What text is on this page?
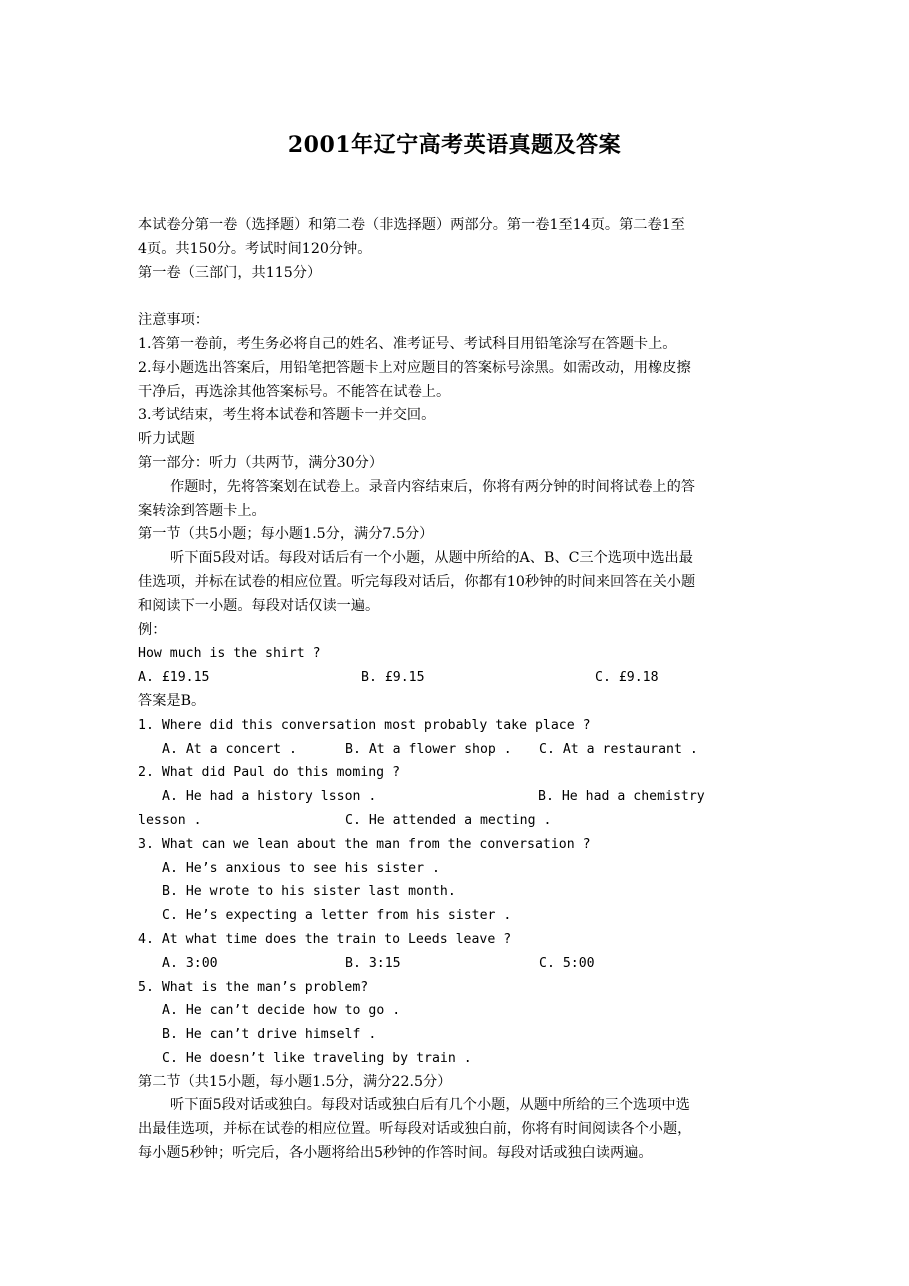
2001年辽宁高考英语真题及答案
本试卷分第一卷（选择题）和第二卷（非选择题）两部分。第一卷1至14页。第二卷1至
4页。共150分。考试时间120分钟。
第一卷（三部门，共115分）
注意事项：
1.答第一卷前，考生务必将自己的姓名、准考证号、考试科目用铅笔涂写在答题卡上。
2.每小题选出答案后，用铅笔把答题卡上对应题目的答案标号涂黑。如需改动，用橡皮擦
干净后，再选涂其他答案标号。不能答在试卷上。
3.考试结束，考生将本试卷和答题卡一并交回。
听力试题
第一部分：听力（共两节，满分30分）
作题时，先将答案划在试卷上。录音内容结束后，你将有两分钟的时间将试卷上的答
案转涂到答题卡上。
第一节（共5小题；每小题1.5分，满分7.5分）
听下面5段对话。每段对话后有一个小题，从题中所给的A、B、C三个选项中选出最
佳选项，并标在试卷的相应位置。听完每段对话后，你都有10秒钟的时间来回答在关小题
和阅读下一小题。每段对话仅读一遍。
例：
How much is the shirt ?
A. £19.15	B. £9.15	C. £9.18
答案是B。
1. Where did this conversation most probably take place ?
A. At a concert .	B. At a flower shop .	C. At a restaurant .
2. What did Paul do this moming ?
A. He had a history lsson .	B. He had a chemistry
lesson .	C. He attended a mecting .
3. What can we lean about the man from the conversation ?
A. He’s anxious to see his sister .
B. He wrote to his sister last month.
C. He’s expecting a letter from his sister .
4. At what time does the train to Leeds leave ?
A. 3:00	B. 3:15	C. 5:00
5. What is the man’s problem?
A. He can’t decide how to go .
B. He can’t drive himself .
C. He doesn’t like traveling by train .
第二节（共15小题，每小题1.5分，满分22.5分）
听下面5段对话或独白。每段对话或独白后有几个小题，从题中所给的三个选项中选
出最佳选项，并标在试卷的相应位置。听每段对话或独白前，你将有时间阅读各个小题，
每小题5秒钟；听完后，各小题将给出5秒钟的作答时间。每段对话或独白读两遍。
